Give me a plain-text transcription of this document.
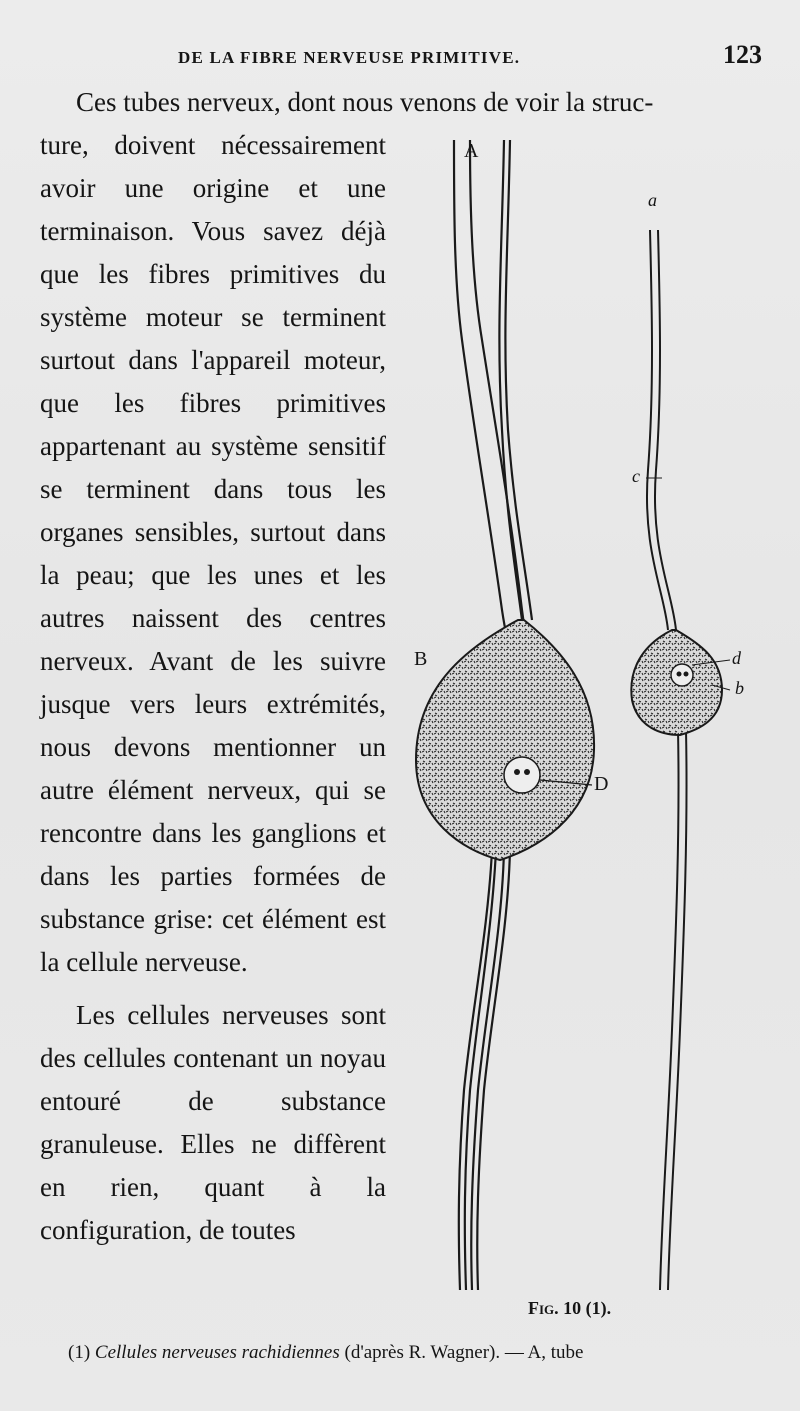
DE LA FIBRE NERVEUSE PRIMITIVE.	123

Ces tubes nerveux, dont nous venons de voir la struc-

ture, doivent nécessairement avoir une origine et une terminaison. Vous savez déjà que les fibres primitives du système moteur se terminent surtout dans l'appareil moteur, que les fibres primitives appartenant au système sensitif se terminent dans tous les organes sensibles, surtout dans la peau; que les unes et les autres naissent des centres nerveux. Avant de les suivre jusque vers leurs extrémités, nous devons mentionner un autre élément nerveux, qui se rencontre dans les ganglions et dans les parties formées de substance grise: cet élément est la cellule nerveuse.

Les cellules nerveuses sont des cellules contenant un noyau entouré de substance granuleuse. Elles ne diffèrent en rien, quant à la configuration, de toutes

A
B
D
a
b
c
d
Fig. 10 (1).
(1) Cellules nerveuses rachidiennes (d'après R. Wagner). — A, tube
